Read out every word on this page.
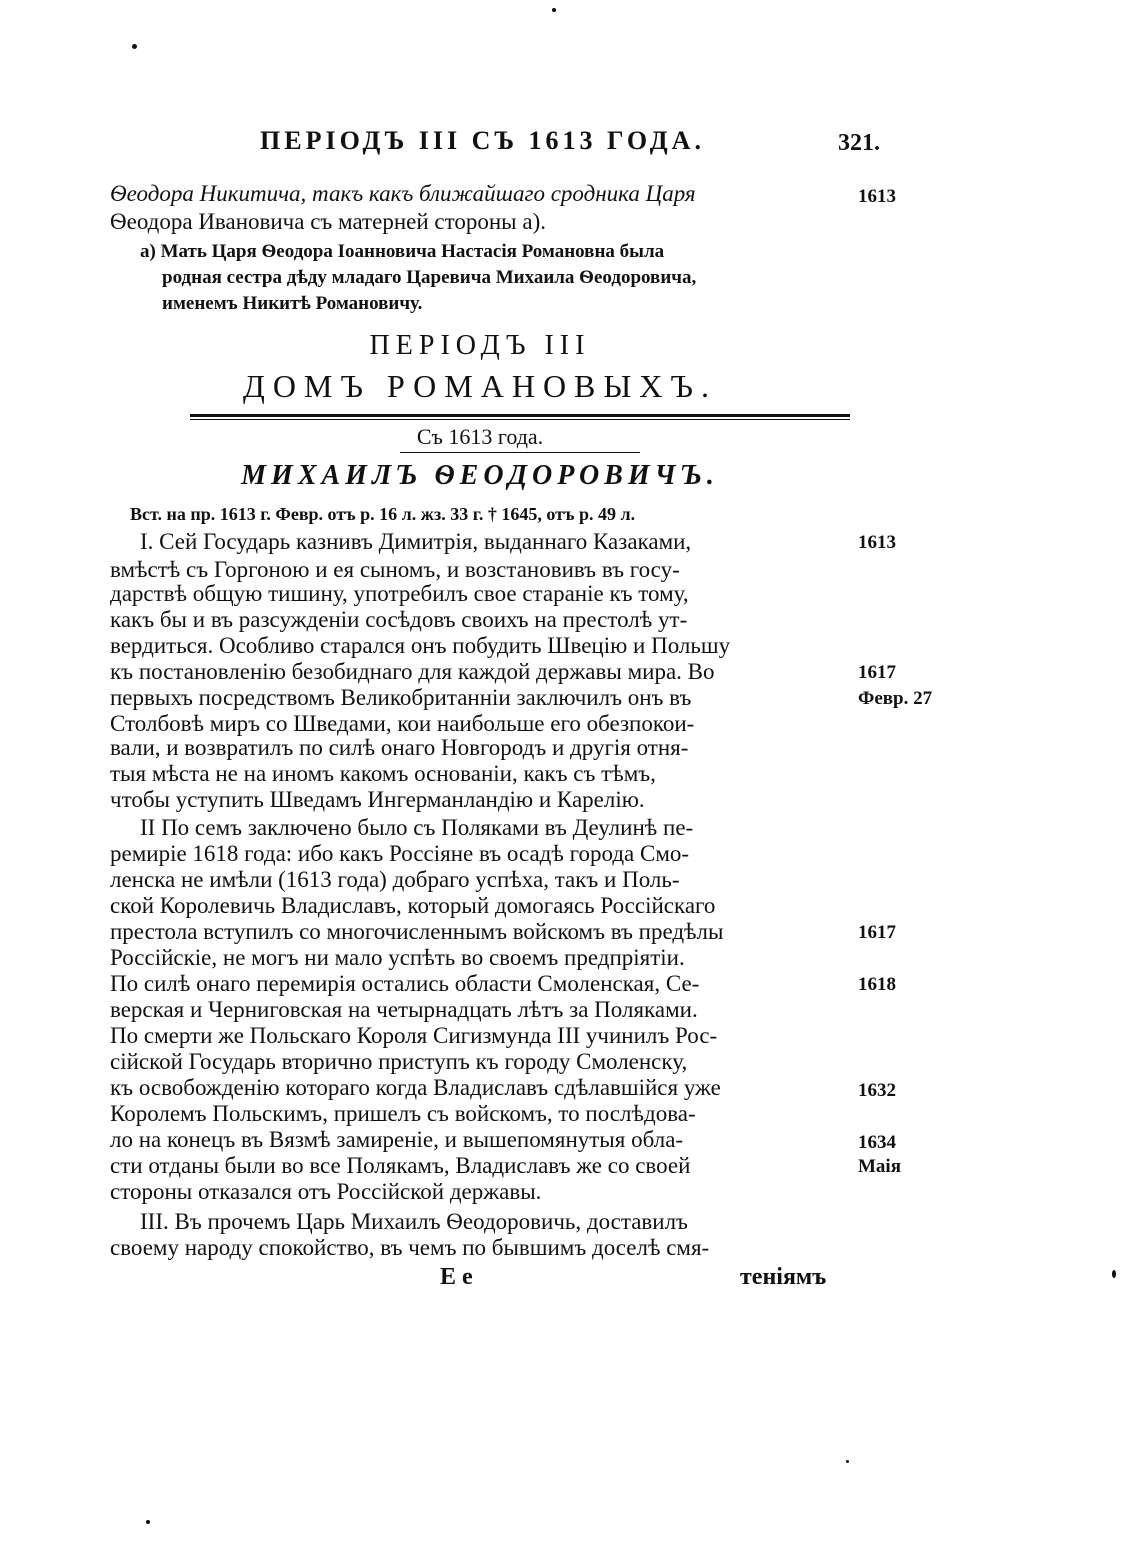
ПЕРІОДЪ III СЪ 1613 ГОДА.	321.
Ѳеодора Никитича, такъ какъ ближайшаго сродника Царя	1613
Ѳеодора Ивановича съ матерней стороны а).
а) Мать Царя Ѳеодора Іоанновича Настасія Романовна была
родная сестра дѣду младаго Царевича Михаила Ѳеодоровича,
именемъ Никитѣ Романовичу.
ПЕРІОДЪ III
ДОМЪ РОМАНОВЫХЪ.
Съ 1613 года.
МИХАИЛЪ ѲЕОДОРОВИЧЪ.
Вст. на пр. 1613 г. Февр. отъ р. 16 л. жз. 33 г. † 1645, отъ р. 49 л.
I. Сей Государь казнивъ Димитрія, выданнаго Казаками,
вмѣстѣ съ Горгоною и ея сыномъ, и возстановивъ въ госу-
дарствѣ общую тишину, употребилъ свое старанiе къ тому,
какъ бы и въ разсужденiи сосѣдовъ своихъ на престолѣ ут-
вердиться. Особливо старался онъ побудить Швецію и Польшу
къ постановленію безобиднаго для каждой державы мира. Во
первыхъ посредствомъ Великобританніи заключилъ онъ въ
Столбовѣ миръ со Шведами, кои наибольше его обезпокои-
вали, и возвратилъ по силѣ онаго Новгородъ и другія отня-
тыя мѣста не на иномъ какомъ основанiи, какъ съ тѣмъ,
чтобы уступить Шведамъ Ингерманландію и Карелію.
II По семъ заключено было съ Поляками въ Деулинѣ пе-
ремиріе 1618 года: ибо какъ Россіяне въ осадѣ города Смо-
ленска не имѣли (1613 года) добраго успѣха, такъ и Поль-
ской Королевичь Владиславъ, который домогаясь Россійскаго
престола вступилъ со многочисленнымъ войскомъ въ предѣлы
Россійскіе, не могъ ни мало успѣть во своемъ предпріятіи.
По силѣ онаго перемирія остались области Смоленская, Се-
верская и Черниговская на четырнадцать лѣтъ за Поляками.
По смерти же Польскаго Короля Сигизмунда III учинилъ Рос-
сійской Государь вторично приступъ къ городу Смоленску,
къ освобожденію котораго когда Владиславъ сдѣлавшійся уже
Королемъ Польскимъ, пришелъ съ войскомъ, то послѣдова-
ло на конецъ въ Вязмѣ замиренiе, и вышепомянутыя обла-
сти отданы были во все Полякамъ, Владиславъ же со своей
стороны отказался отъ Россійской державы.
III. Въ прочемъ Царь Михаилъ Ѳеодоровичь, доставилъ
своему народу спокойство, въ чемъ по бывшимъ доселѣ смя-
1613
1617
Февр. 27
1617
1618
1632
1634
Маія
Е е	тенiямъ
